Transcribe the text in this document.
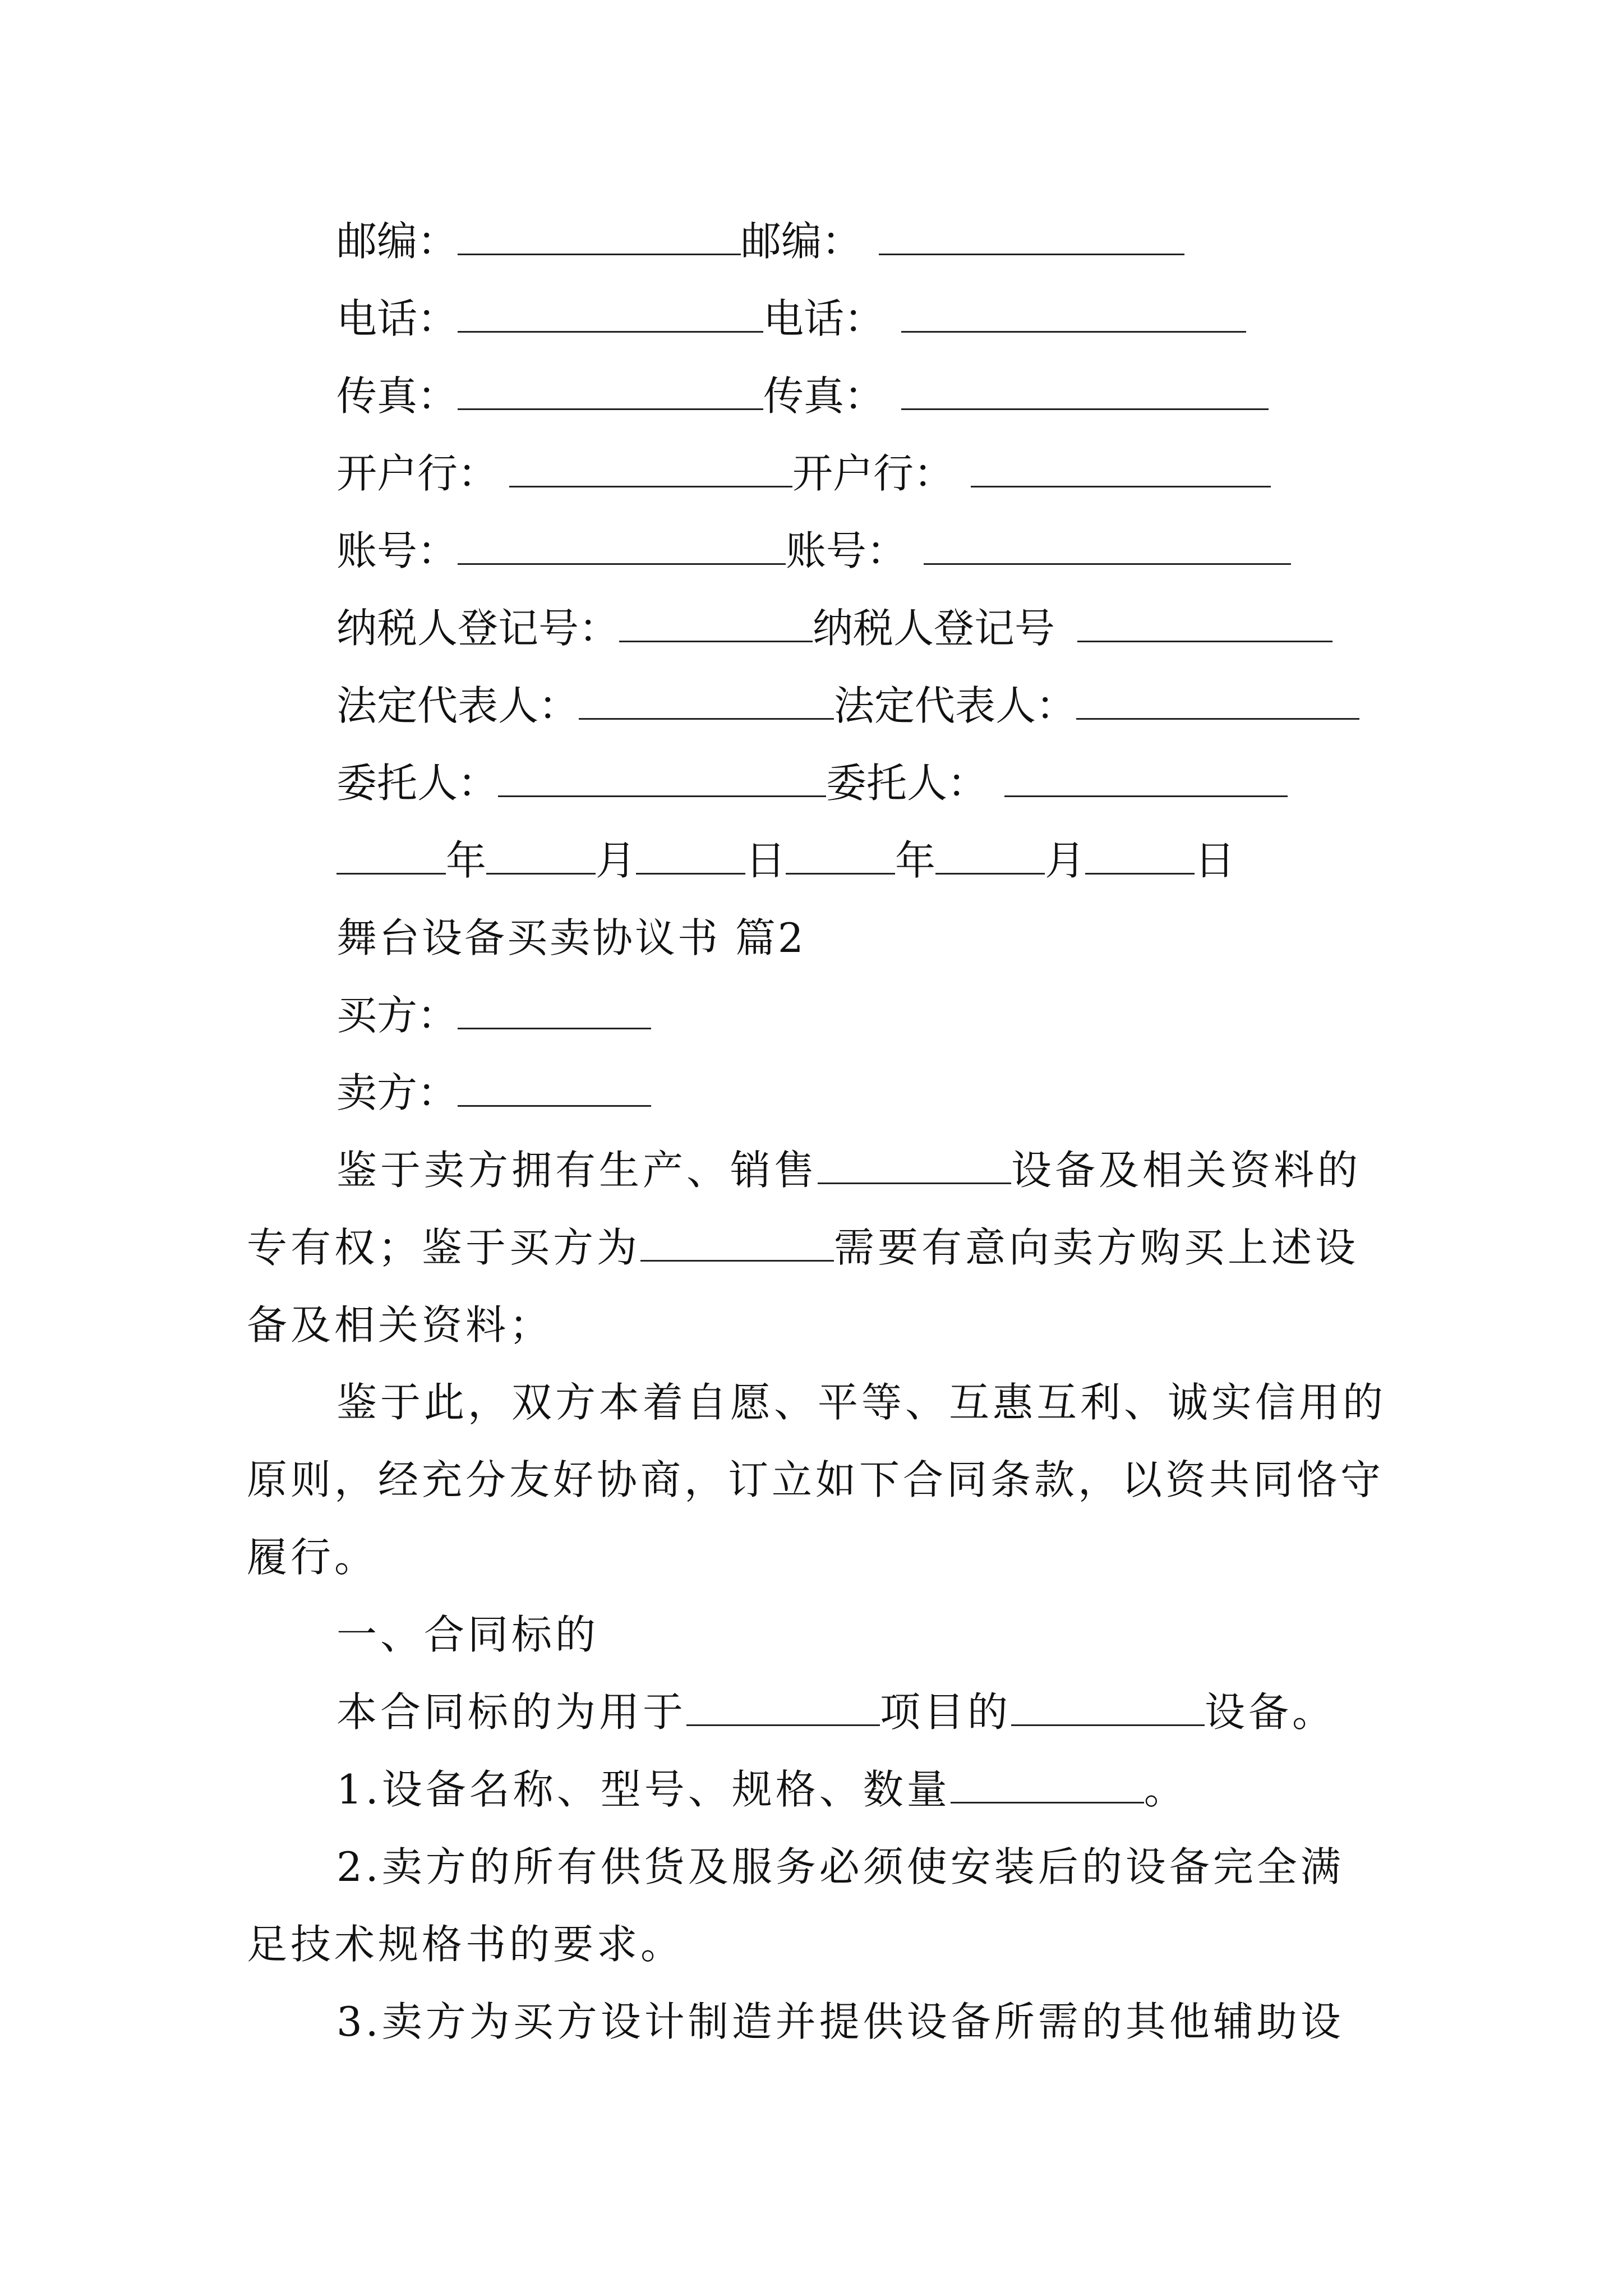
邮编：	邮编：
电话：	电话：
传真：	传真：
开户行：	开户行：
账号：	账号：
纳税人登记号：	纳税人登记号
法定代表人：	法定代表人：
委托人：	委托人：
年	月	日	年	月	日
舞台设备买卖协议书 篇2
买方：
卖方：
鉴于卖方拥有生产、销售	设备及相关资料的
专有权；鉴于买方为	需要有意向卖方购买上述设
备及相关资料；
鉴于此，双方本着自愿、平等、互惠互利、诚实信用的
原则，经充分友好协商，订立如下合同条款，以资共同恪守
履行。
一、合同标的
本合同标的为用于	项目的	设备。
1.设备名称、型号、规格、数量	。
2.卖方的所有供货及服务必须使安装后的设备完全满
足技术规格书的要求。
3.卖方为买方设计制造并提供设备所需的其他辅助设
